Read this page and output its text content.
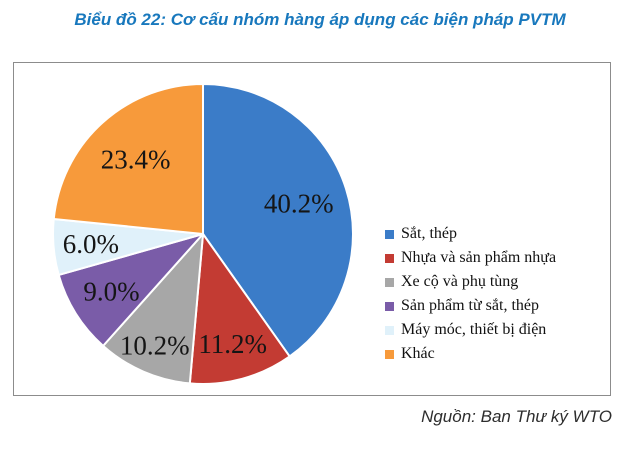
Biểu đồ 22: Cơ cấu nhóm hàng áp dụng các biện pháp PVTM
40.2%
11.2%
10.2%
9.0%
6.0%
23.4%
Sắt, thép
Nhựa và sản phẩm nhựa
Xe cộ và phụ tùng
Sản phẩm từ sắt, thép
Máy móc, thiết bị điện
Khác
Nguồn: Ban Thư ký WTO
